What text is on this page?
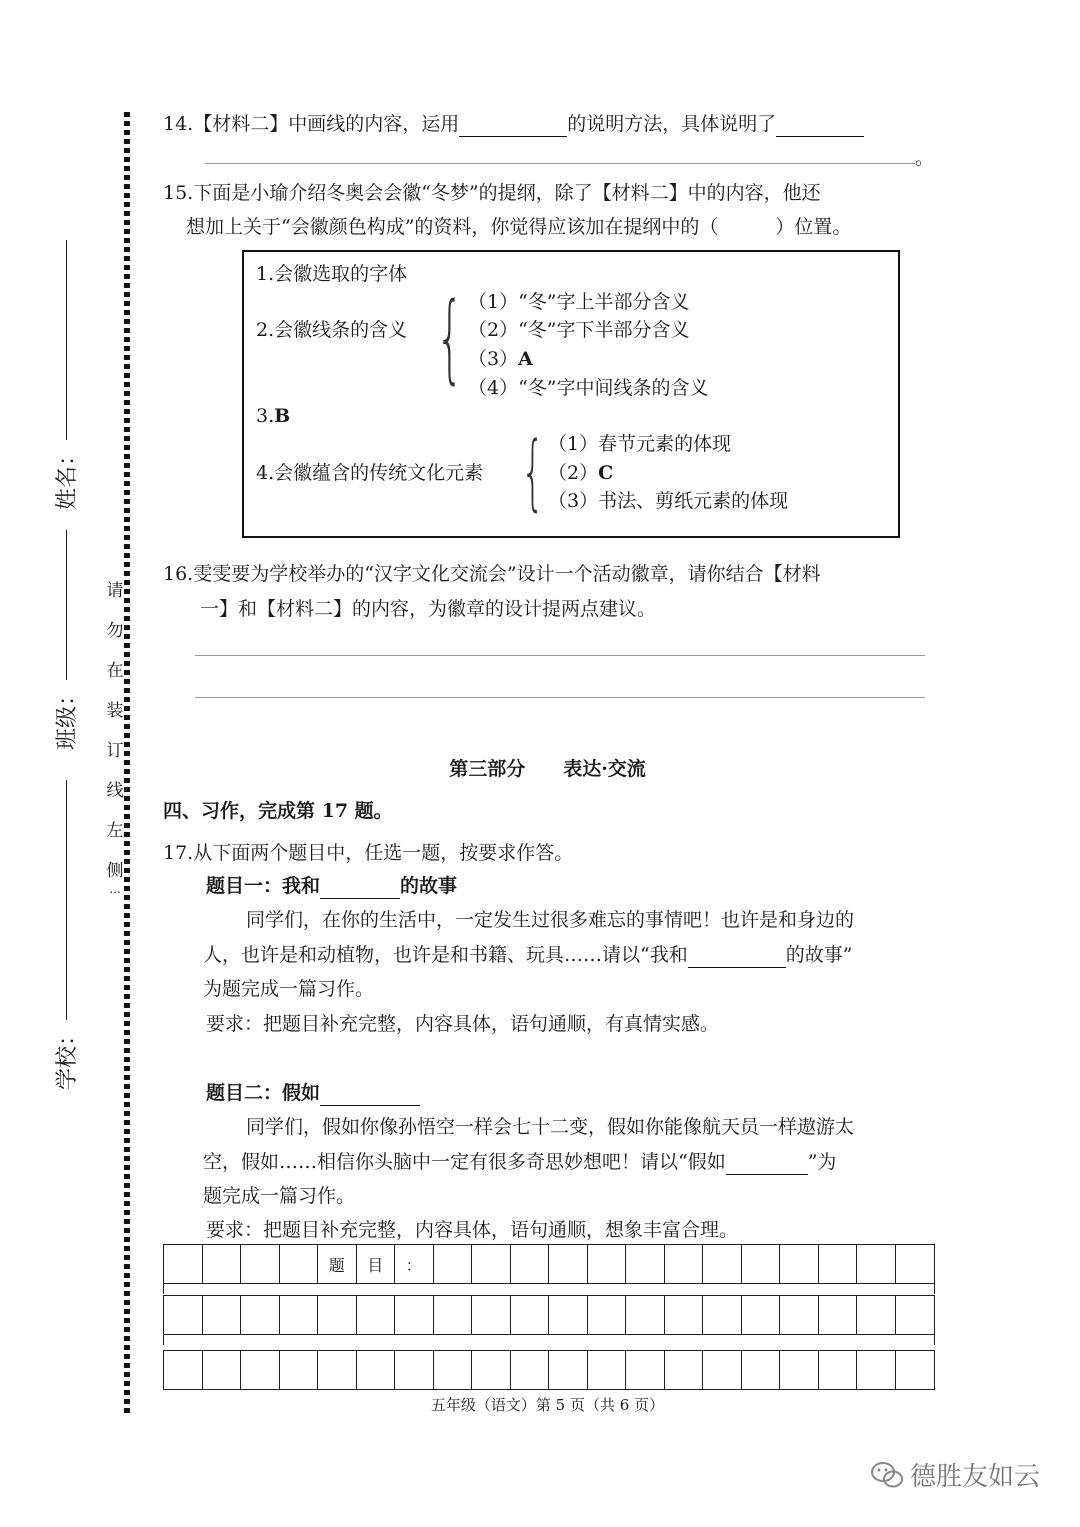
学校：
班级：
姓名：
请
勿
在
装
订
线
左
侧
...
14.【材料二】中画线的内容，运用	的说明方法，具体说明了
。
15.下面是小瑜介绍冬奥会会徽“冬梦”的提纲，除了【材料二】中的内容，他还
想加上关于“会徽颜色构成”的资料，你觉得应该加在提纲中的（　　　）位置。
1.会徽选取的字体
2.会徽线条的含义 { （1）“冬”字上半部分含义
（2）“冬”字下半部分含义
（3）A
（4）“冬”字中间线条的含义
3.B
4.会徽蕴含的传统文化元素 { （1）春节元素的体现
（2）C
（3）书法、剪纸元素的体现
16.雯雯要为学校举办的“汉字文化交流会”设计一个活动徽章，请你结合【材料
一】和【材料二】的内容，为徽章的设计提两点建议。
第三部分　　表达·交流
四、习作，完成第 17 题。
17.从下面两个题目中，任选一题，按要求作答。
题目一：我和	的故事
同学们，在你的生活中，一定发生过很多难忘的事情吧！也许是和身边的
人，也许是和动植物，也许是和书籍、玩具……请以“我和	的故事”
为题完成一篇习作。
要求：把题目补充完整，内容具体，语句通顺，有真情实感。
题目二：假如
同学们，假如你像孙悟空一样会七十二变，假如你能像航天员一样遨游太
空，假如……相信你头脑中一定有很多奇思妙想吧！请以“假如	”为
题完成一篇习作。
要求：把题目补充完整，内容具体，语句通顺，想象丰富合理。
题	目	：
五年级（语文）第 5 页（共 6 页）
德胜友如云
